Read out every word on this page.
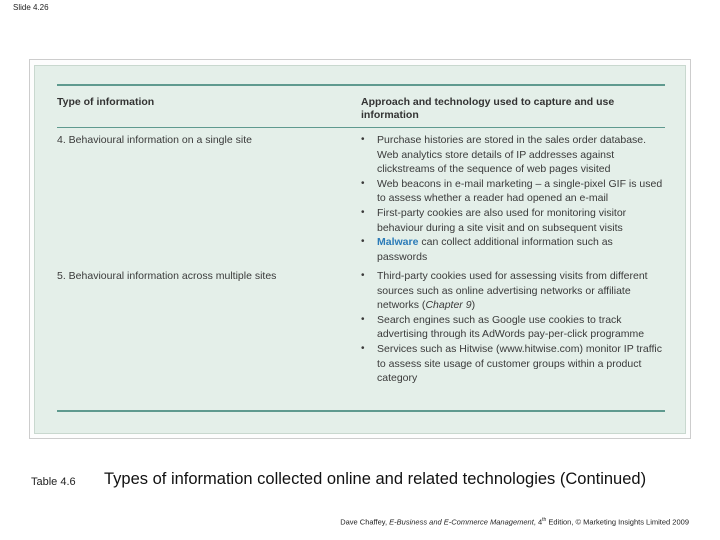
Slide 4.26
Type of information	Approach and technology used to capture and use
information
4. Behavioural information on a single site	• Purchase histories are stored in the sales order database. Web analytics store details of IP addresses against clickstreams of the sequence of web pages visited
• Web beacons in e-mail marketing – a single-pixel GIF is used to assess whether a reader had opened an e-mail
• First-party cookies are also used for monitoring visitor behaviour during a site visit and on subsequent visits
• Malware can collect additional information such as passwords
5. Behavioural information across multiple sites	• Third-party cookies used for assessing visits from different sources such as online advertising networks or affiliate networks (Chapter 9)
• Search engines such as Google use cookies to track advertising through its AdWords pay-per-click programme
• Services such as Hitwise (www.hitwise.com) monitor IP traffic to assess site usage of customer groups within a product category
Table 4.6 Types of information collected online and related technologies (Continued)
Dave Chaffey, E-Business and E-Commerce Management, 4th Edition, © Marketing Insights Limited 2009
